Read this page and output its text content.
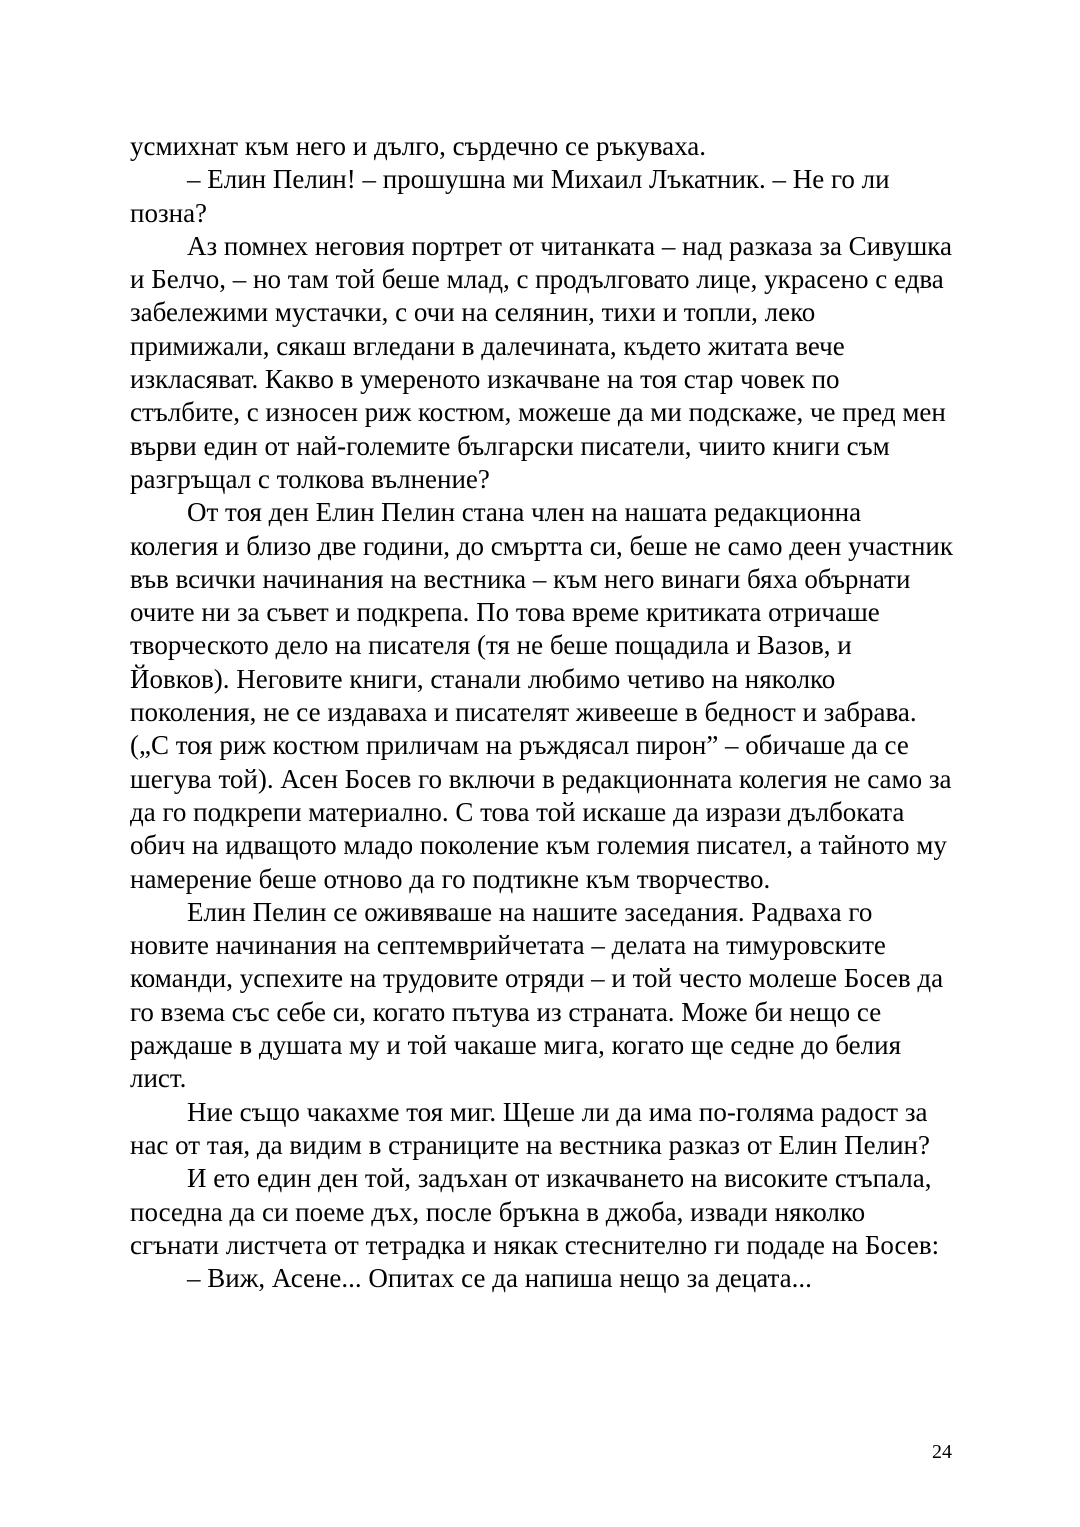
усмихнат към него и дълго, сърдечно се ръкуваха.

– Елин Пелин! – прошушна ми Михаил Лъкатник. – Не го ли позна?

Аз помнех неговия портрет от читанката – над разказа за Сивушка и Белчо, – но там той беше млад, с продълговато лице, украсено с едва забележими мустачки, с очи на селянин, тихи и топли, леко примижали, сякаш вгледани в далечината, където житата вече изкласяват. Какво в умереното изкачване на тоя стар човек по стълбите, с износен риж костюм, можеше да ми подскаже, че пред мен върви един от най-големите български писатели, чиито книги съм разгръщал с толкова вълнение?

От тоя ден Елин Пелин стана член на нашата редакционна колегия и близо две години, до смъртта си, беше не само деен участник във всички начинания на вестника – към него винаги бяха обърнати очите ни за съвет и подкрепа. По това време критиката отричаше творческото дело на писателя (тя не беше пощадила и Вазов, и Йовков). Неговите книги, станали любимо четиво на няколко поколения, не се издаваха и писателят живееше в бедност и забрава. („С тоя риж костюм приличам на ръждясал пирон” – обичаше да се шегува той). Асен Босев го включи в редакционната колегия не само за да го подкрепи материално. С това той искаше да изрази дълбоката обич на идващото младо поколение към големия писател, а тайното му намерение беше отново да го подтикне към творчество.

Елин Пелин се оживяваше на нашите заседания. Радваха го новите начинания на септемврийчетата – делата на тимуровските команди, успехите на трудовите отряди – и той често молеше Босев да го взема със себе си, когато пътува из страната. Може би нещо се раждаше в душата му и той чакаше мига, когато ще седне до белия лист.

Ние също чакахме тоя миг. Щеше ли да има по-голяма радост за нас от тая, да видим в страниците на вестника разказ от Елин Пелин?

И ето един ден той, задъхан от изкачването на високите стъпала, поседна да си поеме дъх, после бръкна в джоба, извади няколко сгънати листчета от тетрадка и някак стеснително ги подаде на Босев:

– Виж, Асене... Опитах се да напиша нещо за децата...

24
